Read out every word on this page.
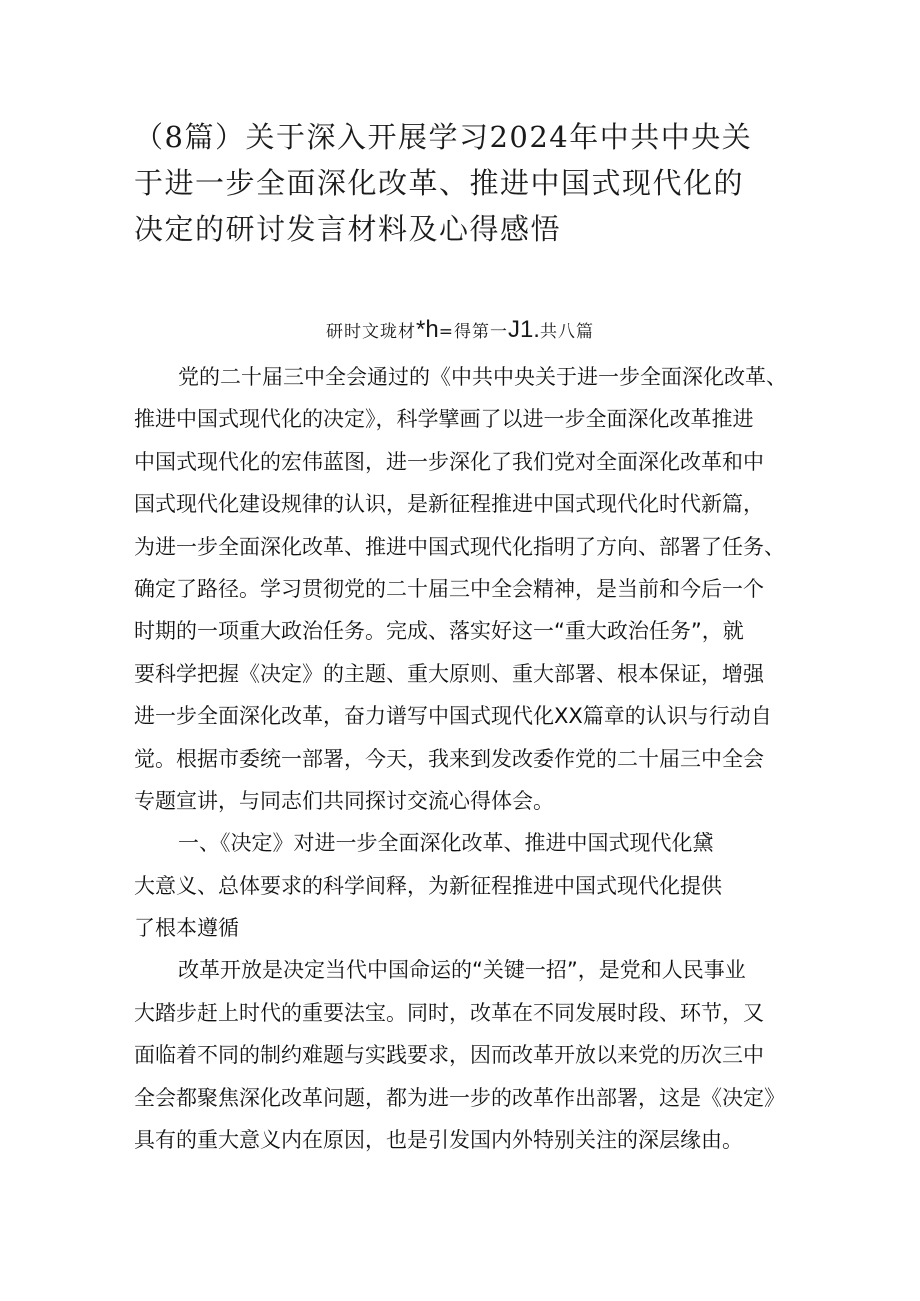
（8篇）关于深入开展学习2024年中共中央关
于进一步全面深化改革、推进中国式现代化的
决定的研讨发言材料及心得感悟
研时文珑材*h=得第一J1.共八篇
党的二十届三中全会通过的《中共中央关于进一步全面深化改革、
推进中国式现代化的决定》，科学擘画了以进一步全面深化改革推进
中国式现代化的宏伟蓝图，进一步深化了我们党对全面深化改革和中
国式现代化建设规律的认识，是新征程推进中国式现代化时代新篇，
为进一步全面深化改革、推进中国式现代化指明了方向、部署了任务、
确定了路径。学习贯彻党的二十届三中全会精神，是当前和今后一个
时期的一项重大政治任务。完成、落实好这一“重大政治任务”，就
要科学把握《决定》的主题、重大原则、重大部署、根本保证，增强
进一步全面深化改革，奋力谱写中国式现代化XX篇章的认识与行动自
觉。根据市委统一部署，今天，我来到发改委作党的二十届三中全会
专题宣讲，与同志们共同探讨交流心得体会。
一、《决定》对进一步全面深化改革、推进中国式现代化黛
大意义、总体要求的科学间释，为新征程推进中国式现代化提供
了根本遵循
改革开放是决定当代中国命运的“关键一招”，是党和人民事业
大踏步赶上时代的重要法宝。同时，改革在不同发展时段、环节，又
面临着不同的制约难题与实践要求，因而改革开放以来党的历次三中
全会都聚焦深化改革问题，都为进一步的改革作出部署，这是《决定》
具有的重大意义内在原因，也是引发国内外特别关注的深层缘由。
